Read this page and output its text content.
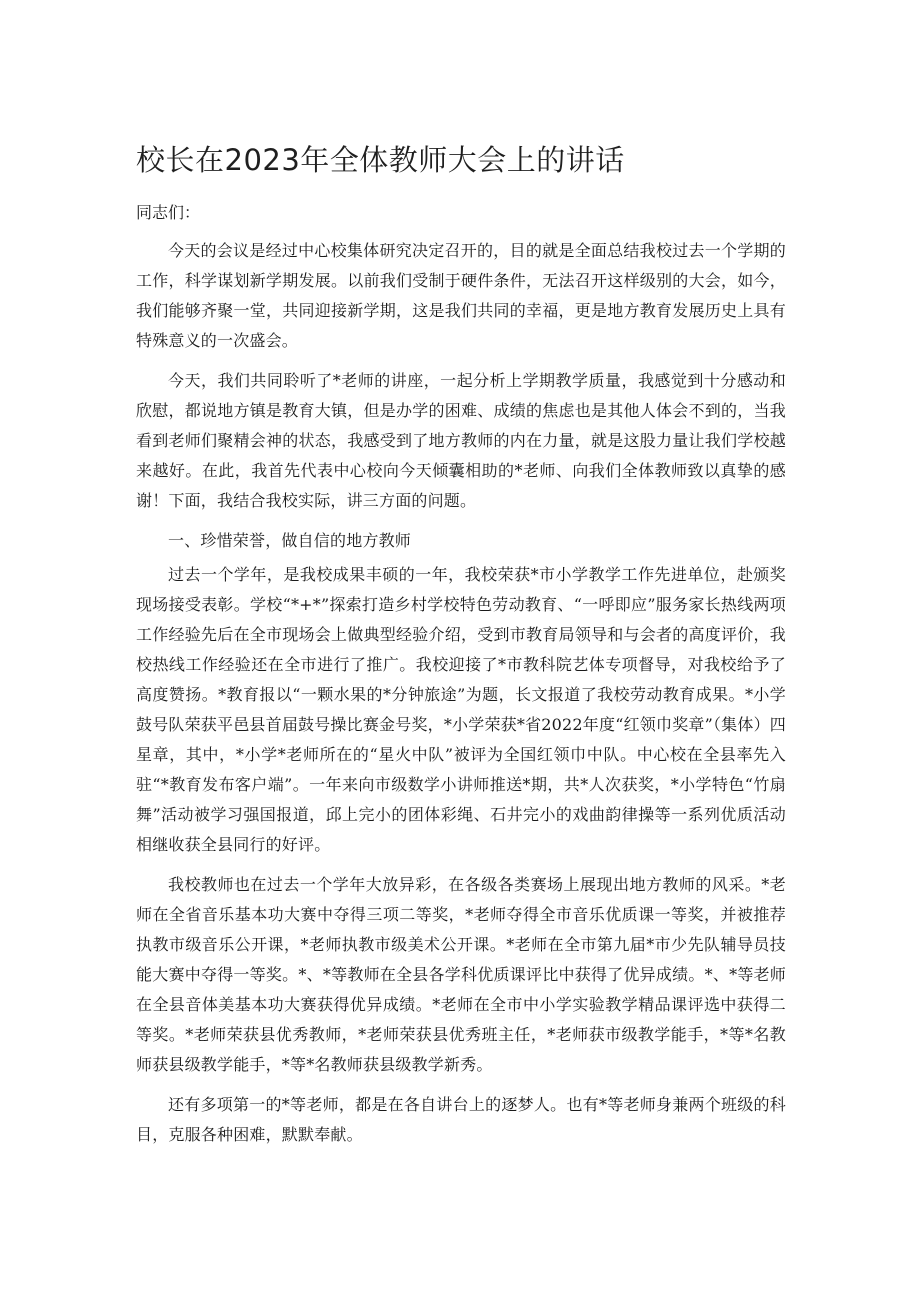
校长在2023年全体教师大会上的讲话

同志们：

今天的会议是经过中心校集体研究决定召开的，目的就是全面总结我校过去一个学期的工作，科学谋划新学期发展。以前我们受制于硬件条件，无法召开这样级别的大会，如今，我们能够齐聚一堂，共同迎接新学期，这是我们共同的幸福，更是地方教育发展历史上具有特殊意义的一次盛会。

今天，我们共同聆听了*老师的讲座，一起分析上学期教学质量，我感觉到十分感动和欣慰，都说地方镇是教育大镇，但是办学的困难、成绩的焦虑也是其他人体会不到的，当我看到老师们聚精会神的状态，我感受到了地方教师的内在力量，就是这股力量让我们学校越来越好。在此，我首先代表中心校向今天倾囊相助的*老师、向我们全体教师致以真挚的感谢！下面，我结合我校实际，讲三方面的问题。

一、珍惜荣誉，做自信的地方教师

过去一个学年，是我校成果丰硕的一年，我校荣获*市小学教学工作先进单位，赴颁奖现场接受表彰。学校“*+*”探索打造乡村学校特色劳动教育、“一呼即应”服务家长热线两项工作经验先后在全市现场会上做典型经验介绍，受到市教育局领导和与会者的高度评价，我校热线工作经验还在全市进行了推广。我校迎接了*市教科院艺体专项督导，对我校给予了高度赞扬。*教育报以“一颗水果的*分钟旅途”为题，长文报道了我校劳动教育成果。*小学鼓号队荣获平邑县首届鼓号操比赛金号奖，*小学荣获*省2022年度“红领巾奖章”（集体）四星章，其中，*小学*老师所在的“星火中队”被评为全国红领巾中队。中心校在全县率先入驻“*教育发布客户端”。一年来向市级数学小讲师推送*期，共*人次获奖，*小学特色“竹扇舞”活动被学习强国报道，邱上完小的团体彩绳、石井完小的戏曲韵律操等一系列优质活动相继收获全县同行的好评。

我校教师也在过去一个学年大放异彩，在各级各类赛场上展现出地方教师的风采。*老师在全省音乐基本功大赛中夺得三项二等奖，*老师夺得全市音乐优质课一等奖，并被推荐执教市级音乐公开课，*老师执教市级美术公开课。*老师在全市第九届*市少先队辅导员技能大赛中夺得一等奖。*、*等教师在全县各学科优质课评比中获得了优异成绩。*、*等老师在全县音体美基本功大赛获得优异成绩。*老师在全市中小学实验教学精品课评选中获得二等奖。*老师荣获县优秀教师，*老师荣获县优秀班主任，*老师获市级教学能手，*等*名教师获县级教学能手，*等*名教师获县级教学新秀。

还有多项第一的*等老师，都是在各自讲台上的逐梦人。也有*等老师身兼两个班级的科目，克服各种困难，默默奉献。
